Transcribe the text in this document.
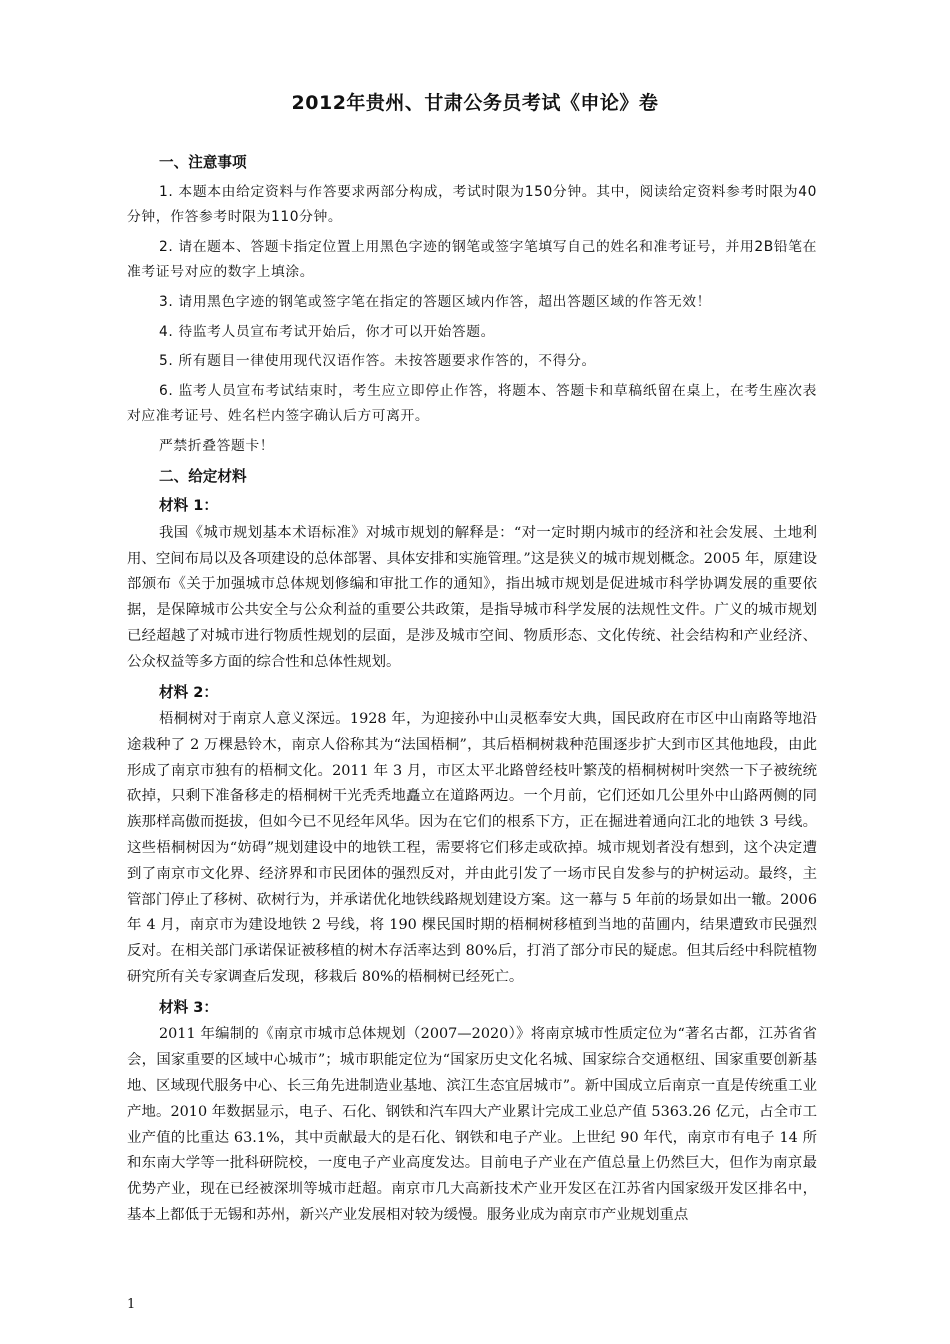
2012年贵州、甘肃公务员考试《申论》卷
一、注意事项

1. 本题本由给定资料与作答要求两部分构成，考试时限为150分钟。其中，阅读给定资料参考时限为40分钟，作答参考时限为110分钟。

2. 请在题本、答题卡指定位置上用黑色字迹的钢笔或签字笔填写自己的姓名和准考证号，并用2B铅笔在准考证号对应的数字上填涂。

3. 请用黑色字迹的钢笔或签字笔在指定的答题区域内作答，超出答题区域的作答无效！

4. 待监考人员宣布考试开始后，你才可以开始答题。

5. 所有题目一律使用现代汉语作答。未按答题要求作答的，不得分。

6. 监考人员宣布考试结束时，考生应立即停止作答，将题本、答题卡和草稿纸留在桌上，在考生座次表对应准考证号、姓名栏内签字确认后方可离开。

严禁折叠答题卡！

二、给定材料
材料 1：

我国《城市规划基本术语标准》对城市规划的解释是：“对一定时期内城市的经济和社会发展、土地利用、空间布局以及各项建设的总体部署、具体安排和实施管理。”这是狭义的城市规划概念。2005 年，原建设部颁布《关于加强城市总体规划修编和审批工作的通知》，指出城市规划是促进城市科学协调发展的重要依据，是保障城市公共安全与公众利益的重要公共政策，是指导城市科学发展的法规性文件。广义的城市规划已经超越了对城市进行物质性规划的层面，是涉及城市空间、物质形态、文化传统、社会结构和产业经济、公众权益等多方面的综合性和总体性规划。

材料 2：

梧桐树对于南京人意义深远。1928 年，为迎接孙中山灵柩奉安大典，国民政府在市区中山南路等地沿途栽种了 2 万棵悬铃木，南京人俗称其为“法国梧桐”，其后梧桐树栽种范围逐步扩大到市区其他地段，由此形成了南京市独有的梧桐文化。2011 年 3 月，市区太平北路曾经枝叶繁茂的梧桐树树叶突然一下子被统统砍掉，只剩下准备移走的梧桐树干光秃秃地矗立在道路两边。一个月前，它们还如几公里外中山路两侧的同族那样高傲而挺拔，但如今已不见经年风华。因为在它们的根系下方，正在掘进着通向江北的地铁 3 号线。这些梧桐树因为“妨碍”规划建设中的地铁工程，需要将它们移走或砍掉。城市规划者没有想到，这个决定遭到了南京市文化界、经济界和市民团体的强烈反对，并由此引发了一场市民自发参与的护树运动。最终，主管部门停止了移树、砍树行为，并承诺优化地铁线路规划建设方案。这一幕与 5 年前的场景如出一辙。2006 年 4 月，南京市为建设地铁 2 号线，将 190 棵民国时期的梧桐树移植到当地的苗圃内，结果遭致市民强烈反对。在相关部门承诺保证被移植的树木存活率达到 80%后，打消了部分市民的疑虑。但其后经中科院植物研究所有关专家调查后发现，移栽后 80%的梧桐树已经死亡。

材料 3：

2011 年编制的《南京市城市总体规划（2007—2020）》将南京城市性质定位为“著名古都，江苏省省会，国家重要的区域中心城市”；城市职能定位为“国家历史文化名城、国家综合交通枢纽、国家重要创新基地、区域现代服务中心、长三角先进制造业基地、滨江生态宜居城市”。新中国成立后南京一直是传统重工业产地。2010 年数据显示，电子、石化、钢铁和汽车四大产业累计完成工业总产值 5363.26 亿元，占全市工业产值的比重达 63.1%，其中贡献最大的是石化、钢铁和电子产业。上世纪 90 年代，南京市有电子 14 所和东南大学等一批科研院校，一度电子产业高度发达。目前电子产业在产值总量上仍然巨大，但作为南京最优势产业，现在已经被深圳等城市赶超。南京市几大高新技术产业开发区在江苏省内国家级开发区排名中，基本上都低于无锡和苏州，新兴产业发展相对较为缓慢。服务业成为南京市产业规划重点

1
